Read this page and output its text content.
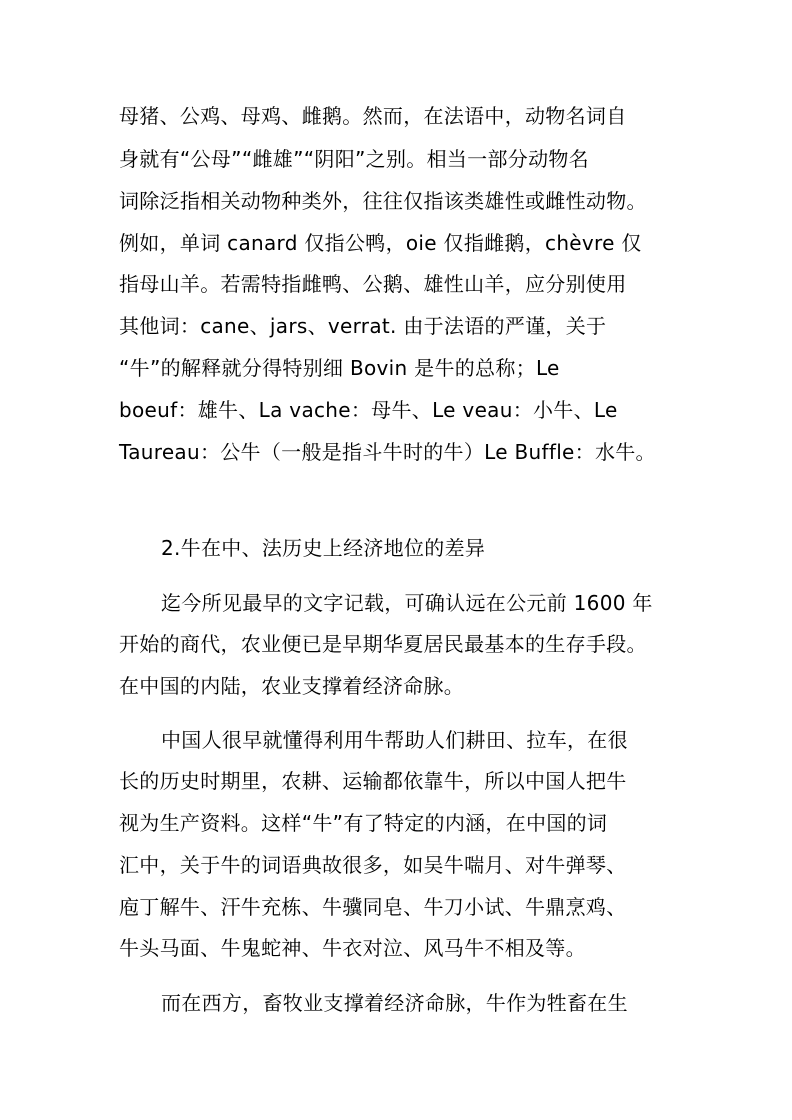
母猪、公鸡、母鸡、雌鹅。然而，在法语中，动物名词自
身就有“公母”“雌雄”“阴阳”之别。相当一部分动物名
词除泛指相关动物种类外，往往仅指该类雄性或雌性动物。
例如，单词 canard 仅指公鸭，oie 仅指雌鹅，chèvre 仅
指母山羊。若需特指雌鸭、公鹅、雄性山羊，应分别使用
其他词：cane、jars、verrat. 由于法语的严谨，关于
“牛”的解释就分得特别细 Bovin 是牛的总称；Le
boeuf：雄牛、La vache：母牛、Le veau：小牛、Le
Taureau：公牛（一般是指斗牛时的牛）Le Buffle：水牛。
2.牛在中、法历史上经济地位的差异
迄今所见最早的文字记载，可确认远在公元前 1600 年
开始的商代，农业便已是早期华夏居民最基本的生存手段。
在中国的内陆，农业支撑着经济命脉。
中国人很早就懂得利用牛帮助人们耕田、拉车，在很
长的历史时期里，农耕、运输都依靠牛，所以中国人把牛
视为生产资料。这样“牛”有了特定的内涵，在中国的词
汇中，关于牛的词语典故很多，如吴牛喘月、对牛弹琴、
庖丁解牛、汗牛充栋、牛骥同皂、牛刀小试、牛鼎烹鸡、
牛头马面、牛鬼蛇神、牛衣对泣、风马牛不相及等。
而在西方，畜牧业支撑着经济命脉，牛作为牲畜在生
